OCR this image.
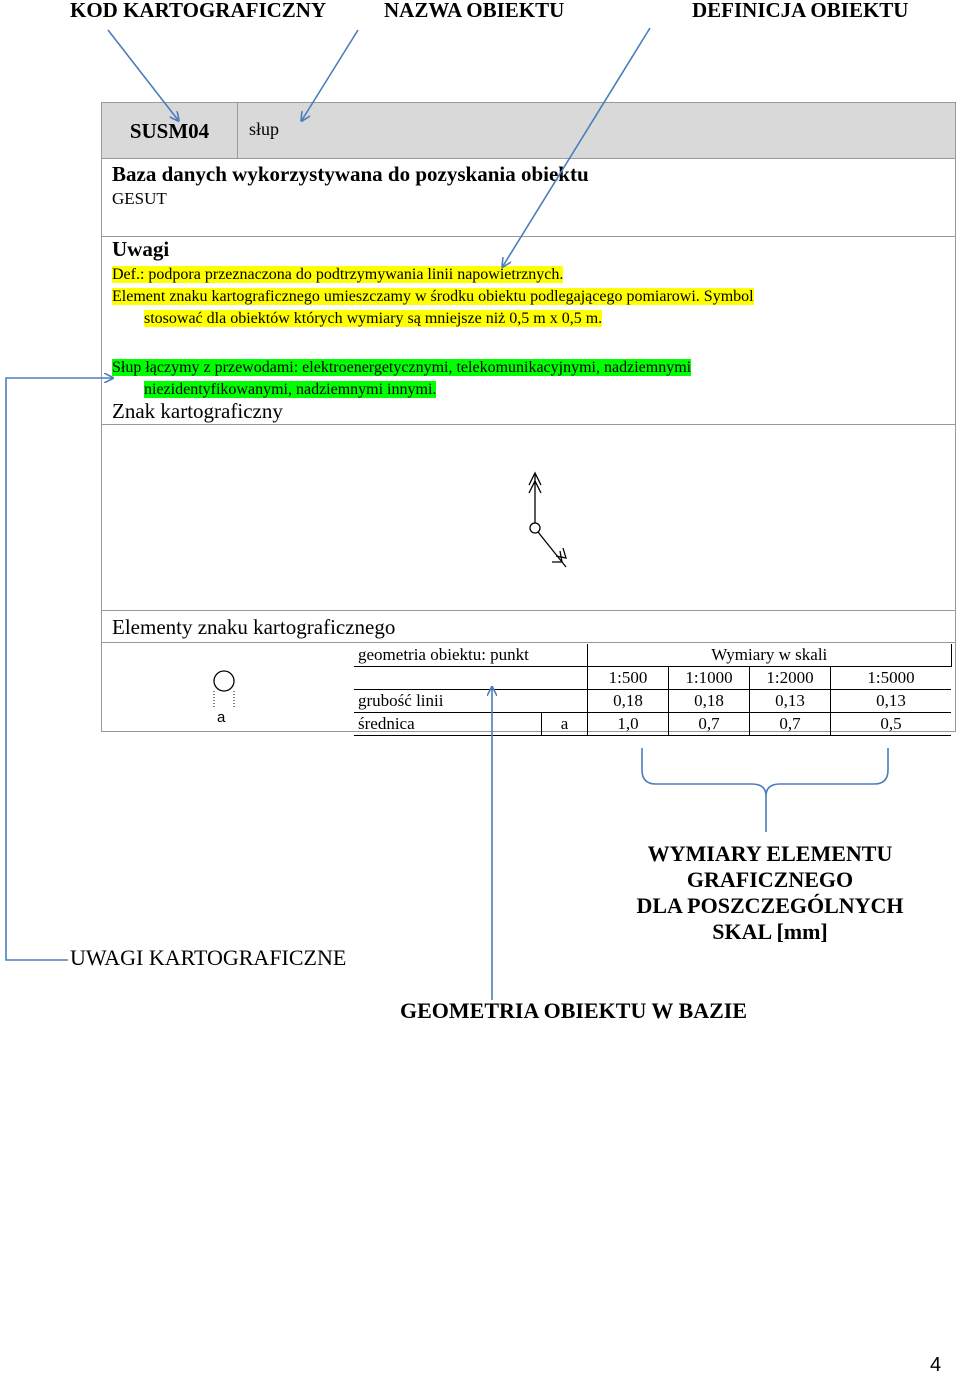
KOD KARTOGRAFICZNY	NAZWA OBIEKTU	DEFINICJA OBIEKTU
SUSM04	słup
Baza danych wykorzystywana do pozyskania obiektu
GESUT
Uwagi
Def.: podpora przeznaczona do podtrzymywania linii napowietrznych.
Element znaku kartograficznego umieszczamy w środku obiektu podlegającego pomiarowi. Symbol
stosować dla obiektów których wymiary są mniejsze niż 0,5 m x 0,5 m.

Słup łączymy z przewodami: elektroenergetycznymi, telekomunikacyjnymi, nadziemnymi
niezidentyfikowanymi, nadziemnymi innymi.
Znak kartograficzny
Elementy znaku kartograficznego
a
geometria obiektu: punkt		Wymiary w skali			
		1:500	1:1000	1:2000	1:5000
grubość linii		0,18	0,18	0,13	0,13
średnica	a	1,0	0,7	0,7	0,5
UWAGI KARTOGRAFICZNE
WYMIARY ELEMENTU
GRAFICZNEGO
DLA POSZCZEGÓLNYCH
SKAL [mm]
GEOMETRIA OBIEKTU W BAZIE
4
